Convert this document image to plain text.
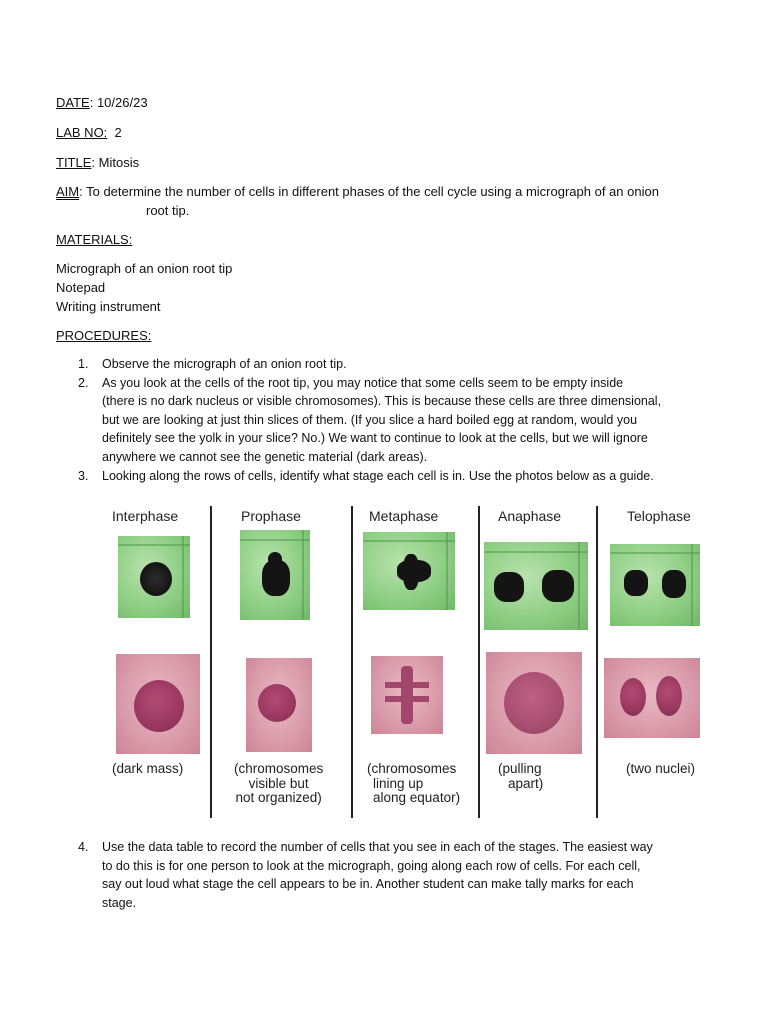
DATE: 10/26/23
LAB NO: 2
TITLE: Mitosis
AIM: To determine the number of cells in different phases of the cell cycle using a micrograph of an onion
root tip.
MATERIALS:
Micrograph of an onion root tip
Notepad
Writing instrument
PROCEDURES:
1. Observe the micrograph of an onion root tip.
2. As you look at the cells of the root tip, you may notice that some cells seem to be empty inside
(there is no dark nucleus or visible chromosomes). This is because these cells are three dimensional,
but we are looking at just thin slices of them. (If you slice a hard boiled egg at random, would you
definitely see the yolk in your slice? No.) We want to continue to look at the cells, but we will ignore
anywhere we cannot see the genetic material (dark areas).
3. Looking along the rows of cells, identify what stage each cell is in. Use the photos below as a guide.
Interphase
(dark mass)
Prophase
(chromosomes
visible but
not organized)
Metaphase
(chromosomes
lining up
along equator)
Anaphase
(pulling
apart)
Telophase
(two nuclei)
4. Use the data table to record the number of cells that you see in each of the stages. The easiest way
to do this is for one person to look at the micrograph, going along each row of cells. For each cell,
say out loud what stage the cell appears to be in. Another student can make tally marks for each
stage.
